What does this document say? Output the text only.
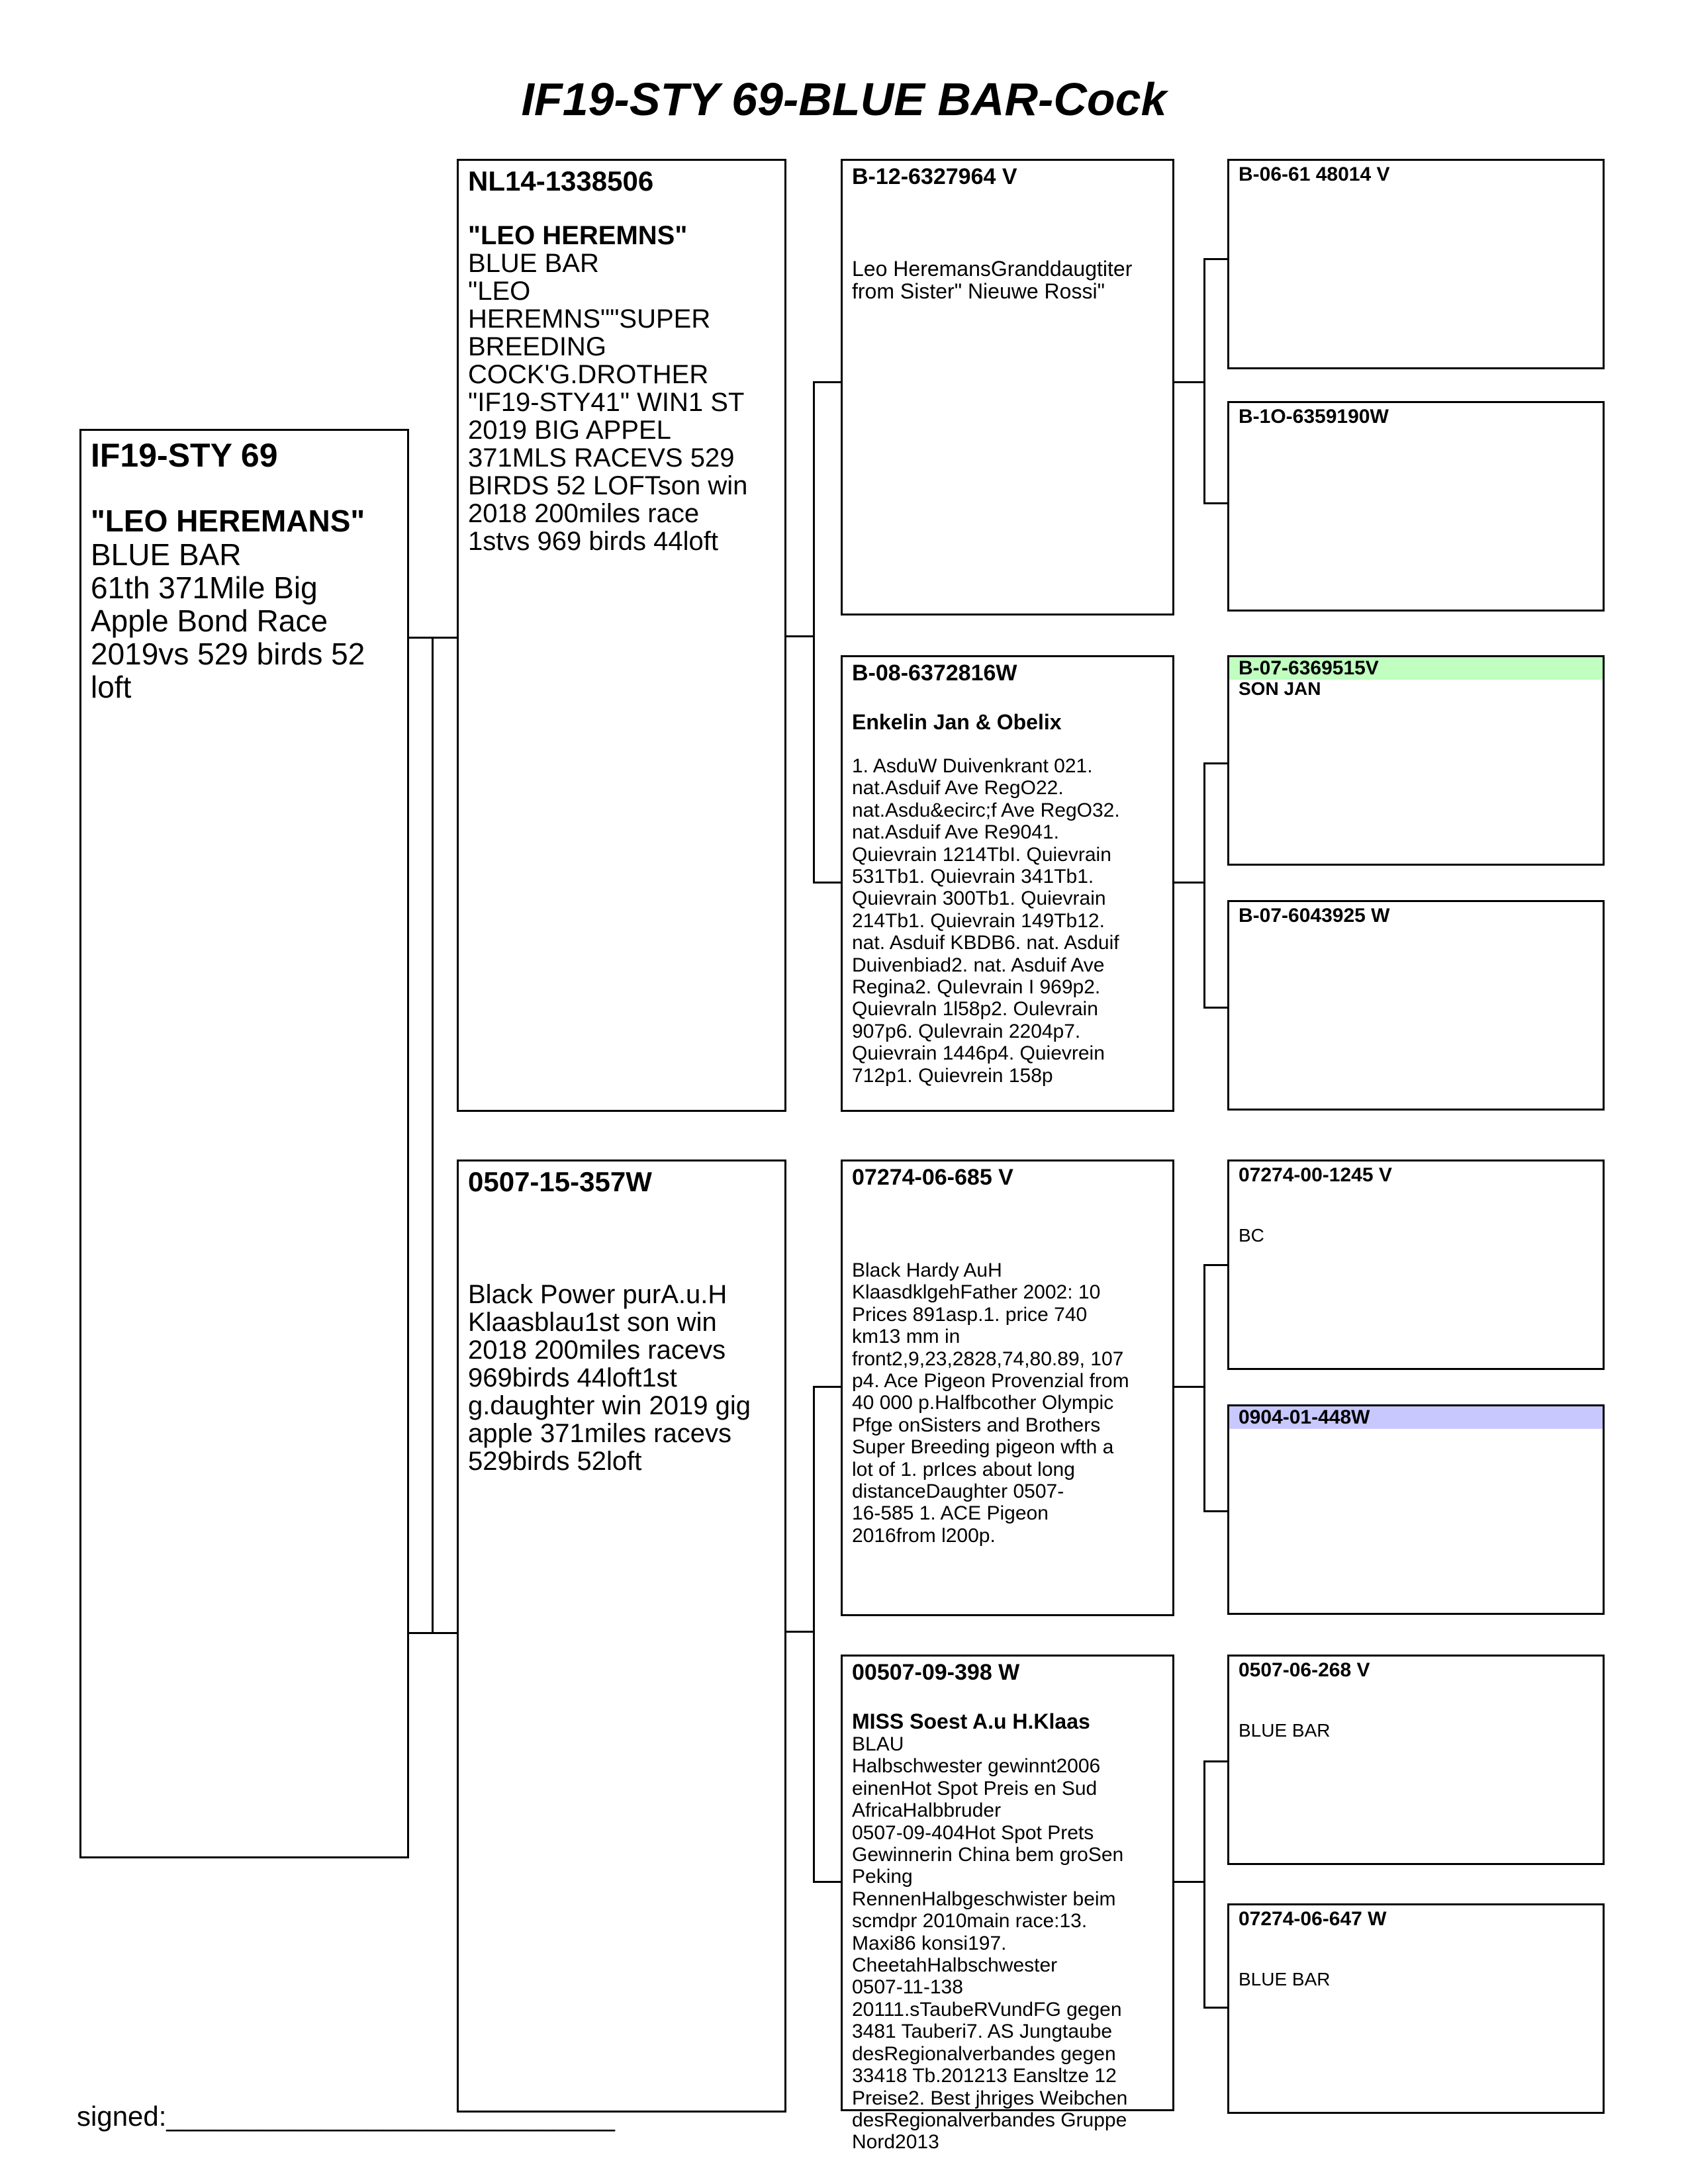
IF19-STY 69-BLUE BAR-Cock
IF19-STY 69
"LEO HEREMANS"
BLUE BAR
61th 371Mile Big
Apple Bond Race
2019vs 529 birds 52
loft
NL14-1338506
"LEO HEREMNS"
BLUE BAR
"LEO
HEREMNS""SUPER
BREEDING
COCK'G.DROTHER
"IF19-STY41" WIN1 ST
2019 BIG APPEL
371MLS RACEVS 529
BIRDS 52 LOFTson win
2018 200miles race
1stvs 969 birds 44loft
0507-15-357W
Black Power purA.u.H
Klaasblau1st son win
2018 200miles racevs
969birds 44loft1st
g.daughter win 2019 gig
apple 371miles racevs
529birds 52loft
B-12-6327964 V
Leo HeremansGranddaugtiter
from Sister" Nieuwe Rossi"
B-08-6372816W
Enkelin Jan & Obelix
1. AsduW Duivenkrant 021.
nat.Asduif Ave RegO22.
nat.Asdu&ecirc;f Ave RegO32.
nat.Asduif Ave Re9041.
Quievrain 1214TbI. Quievrain
531Tb1. Quievrain 341Tb1.
Quievrain 300Tb1. Quievrain
214Tb1. Quievrain 149Tb12.
nat. Asduif KBDB6. nat. Asduif
Duivenbiad2. nat. Asduif Ave
Regina2. QuIevrain I 969p2.
Quievraln 1l58p2. Oulevrain
907p6. Qulevrain 2204p7.
Quievrain 1446p4. Quievrein
712p1. Quievrein 158p
07274-06-685 V
Black Hardy AuH
KlaasdklgehFather 2002: 10
Prices 891asp.1. price 740
km13 mm in
front2,9,23,2828,74,80.89, 107
p4. Ace Pigeon Provenzial from
40 000 p.Halfbcother Olympic
Pfge onSisters and Brothers
Super Breeding pigeon wfth a
lot of 1. prIces about long
distanceDaughter 0507-
16-585 1. ACE Pigeon
2016from l200p.
00507-09-398 W
MISS Soest A.u H.Klaas
BLAU
Halbschwester gewinnt2006
einenHot Spot Preis en Sud
AfricaHalbbruder
0507-09-404Hot Spot Prets
Gewinnerin China bem groSen
Peking
RennenHalbgeschwister beim
scmdpr 2010main race:13.
Maxi86 konsi197.
CheetahHalbschwester
0507-11-138
20111.sTaubeRVundFG gegen
3481 Tauberi7. AS Jungtaube
desRegionalverbandes gegen
33418 Tb.201213 Eansltze 12
Preise2. Best jhriges Weibchen
desRegionalverbandes Gruppe
Nord2013
B-06-61 48014 V
B-1O-6359190W
B-07-6369515V
SON JAN
B-07-6043925 W
07274-00-1245 V
BC
0904-01-448W
0507-06-268 V
BLUE BAR
07274-06-647 W
BLUE BAR
signed:_____________________________
